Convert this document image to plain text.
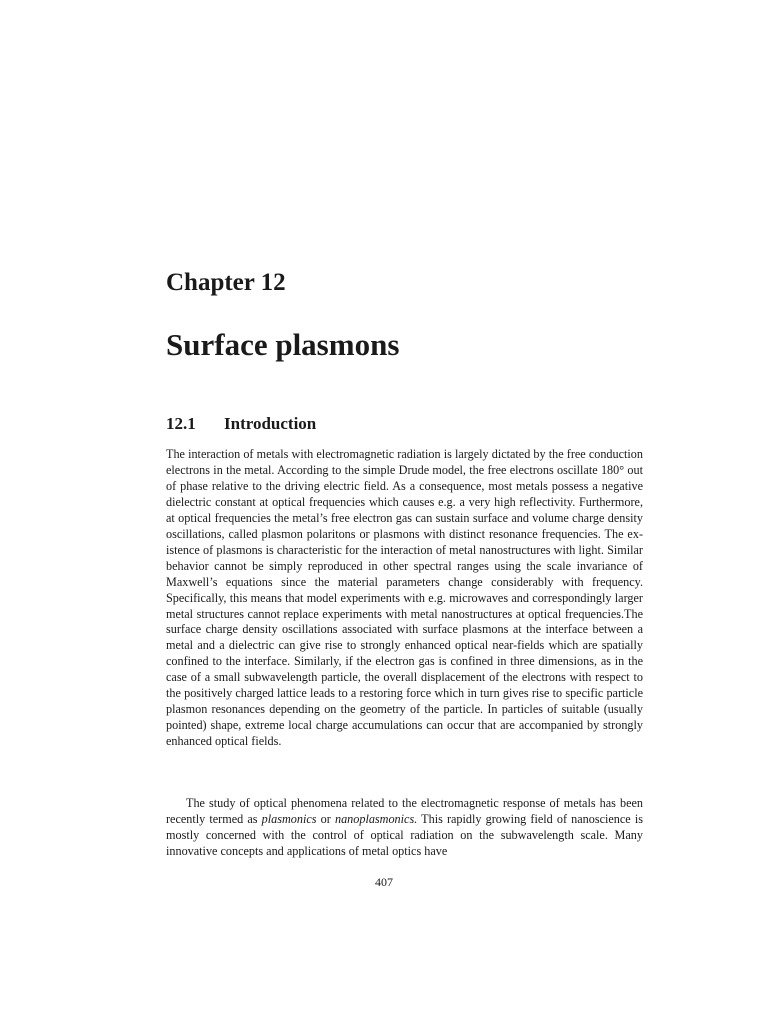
Chapter 12
Surface plasmons
12.1 Introduction

The interaction of metals with electromagnetic radiation is largely dictated by the free conduction electrons in the metal. According to the simple Drude model, the free electrons oscillate 180° out of phase relative to the driving electric field. As a consequence, most metals possess a negative dielectric constant at optical frequencies which causes e.g. a very high reflectivity. Furthermore, at optical frequencies the metal’s free electron gas can sustain surface and volume charge density oscillations, called plasmon polaritons or plasmons with distinct resonance frequencies. The existence of plasmons is characteristic for the interaction of metal nanostructures with light. Similar behavior cannot be simply reproduced in other spectral ranges using the scale invariance of Maxwell’s equations since the material parameters change considerably with frequency. Specifically, this means that model experiments with e.g. microwaves and correspondingly larger metal structures cannot replace experiments with metal nanostructures at optical frequencies.The surface charge density oscillations associated with surface plasmons at the interface between a metal and a dielectric can give rise to strongly enhanced optical near-fields which are spatially confined to the interface. Similarly, if the electron gas is confined in three dimensions, as in the case of a small subwavelength particle, the overall displacement of the electrons with respect to the positively charged lattice leads to a restoring force which in turn gives rise to specific particle plasmon resonances depending on the geometry of the particle. In particles of suitable (usually pointed) shape, extreme local charge accumulations can occur that are accompanied by strongly enhanced optical fields.

The study of optical phenomena related to the electromagnetic response of metals has been recently termed as plasmonics or nanoplasmonics. This rapidly growing field of nanoscience is mostly concerned with the control of optical radiation on the subwavelength scale. Many innovative concepts and applications of metal optics have

407
